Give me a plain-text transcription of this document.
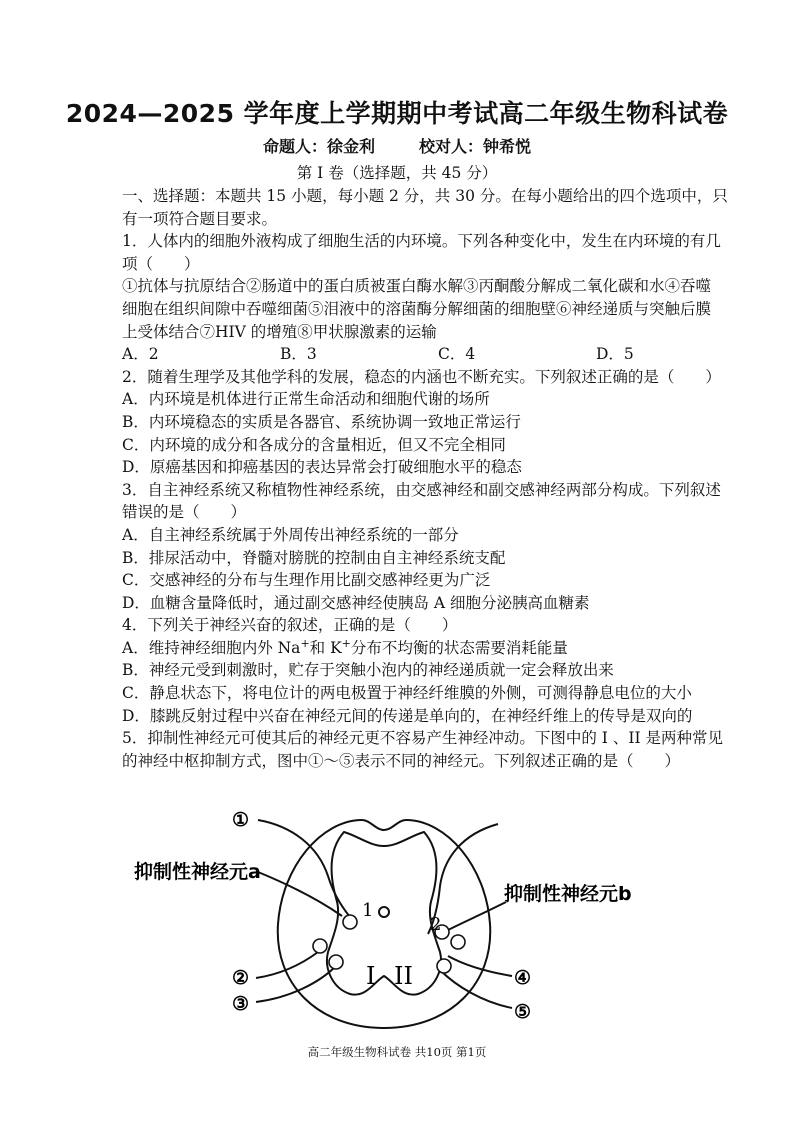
2024—2025 学年度上学期期中考试高二年级生物科试卷
命题人：徐金利	校对人：钟希悦
第 I 卷（选择题，共 45 分）

一、选择题：本题共 15 小题，每小题 2 分，共 30 分。在每小题给出的四个选项中，只

有一项符合题目要求。

1．人体内的细胞外液构成了细胞生活的内环境。下列各种变化中，发生在内环境的有几

项（　　）

①抗体与抗原结合②肠道中的蛋白质被蛋白酶水解③丙酮酸分解成二氧化碳和水④吞噬

细胞在组织间隙中吞噬细菌⑤泪液中的溶菌酶分解细菌的细胞壁⑥神经递质与突触后膜

上受体结合⑦HIV 的增殖⑧甲状腺激素的运输

A．2	B．3	C．4	D．5

2．随着生理学及其他学科的发展，稳态的内涵也不断充实。下列叙述正确的是（　　）

A．内环境是机体进行正常生命活动和细胞代谢的场所

B．内环境稳态的实质是各器官、系统协调一致地正常运行

C．内环境的成分和各成分的含量相近，但又不完全相同

D．原癌基因和抑癌基因的表达异常会打破细胞水平的稳态

3．自主神经系统又称植物性神经系统，由交感神经和副交感神经两部分构成。下列叙述

错误的是（　　）

A．自主神经系统属于外周传出神经系统的一部分

B．排尿活动中，脊髓对膀胱的控制由自主神经系统支配

C．交感神经的分布与生理作用比副交感神经更为广泛

D．血糖含量降低时，通过副交感神经使胰岛 A 细胞分泌胰高血糖素

4．下列关于神经兴奋的叙述，正确的是（　　）

A．维持神经细胞内外 Na+和 K+分布不均衡的状态需要消耗能量

B．神经元受到刺激时，贮存于突触小泡内的神经递质就一定会释放出来

C．静息状态下，将电位计的两电极置于神经纤维膜的外侧，可测得静息电位的大小

D．膝跳反射过程中兴奋在神经元间的传递是单向的，在神经纤维上的传导是双向的

5．抑制性神经元可使其后的神经元更不容易产生神经冲动。下图中的 I 、II 是两种常见

的神经中枢抑制方式，图中①～⑤表示不同的神经元。下列叙述正确的是（　　）

①
抑制性神经元a
抑制性神经元b
1
2
I II
②
③
④
⑤
高二年级生物科试卷 共10页 第1页
